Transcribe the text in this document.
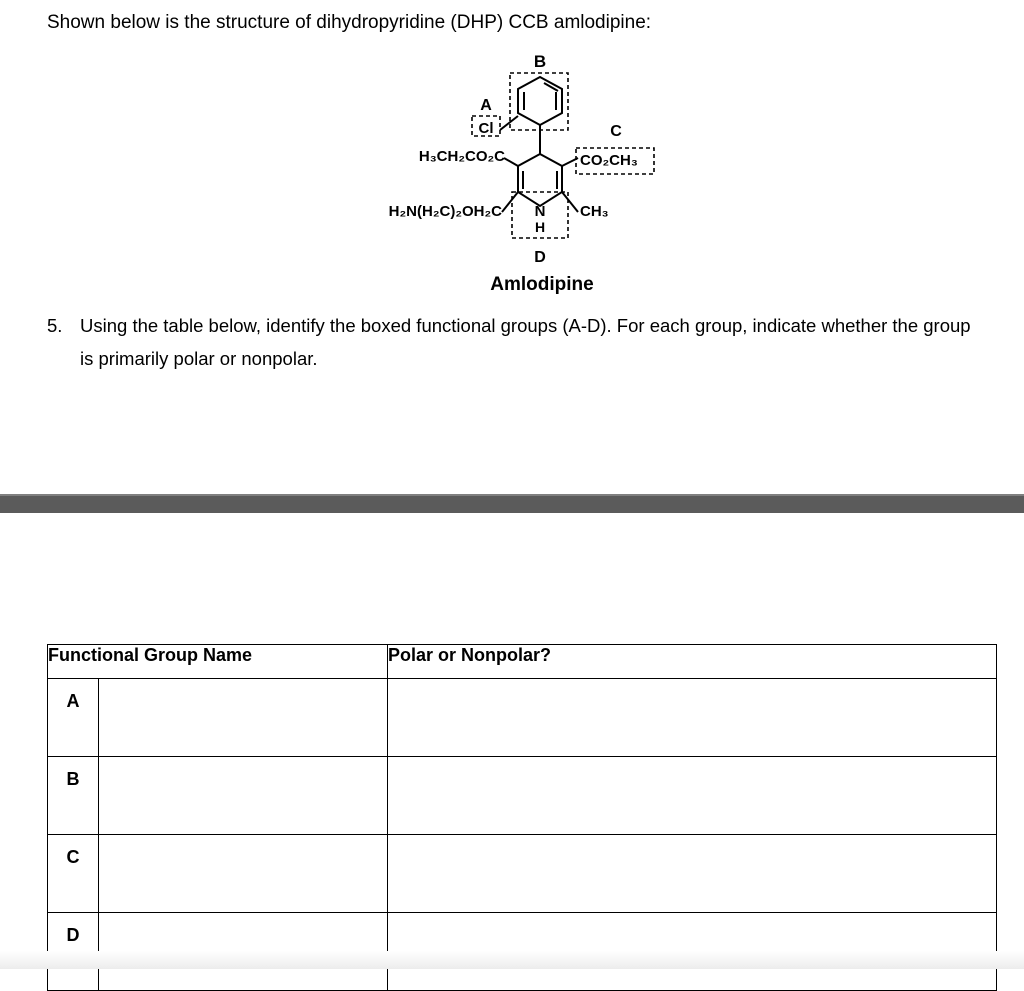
Shown below is the structure of dihydropyridine (DHP) CCB amlodipine:
B
A
C
D
Cl
H₃CH₂CO₂C	CO₂CH₃
H₂N(H₂C)₂OH₂C	CH₃
N
H
Amlodipine
5. Using the table below, identify the boxed functional groups (A-D). For each group, indicate whether the group is primarily polar or nonpolar.
Functional Group Name		Polar or Nonpolar?
A		
B		
C		
D		
